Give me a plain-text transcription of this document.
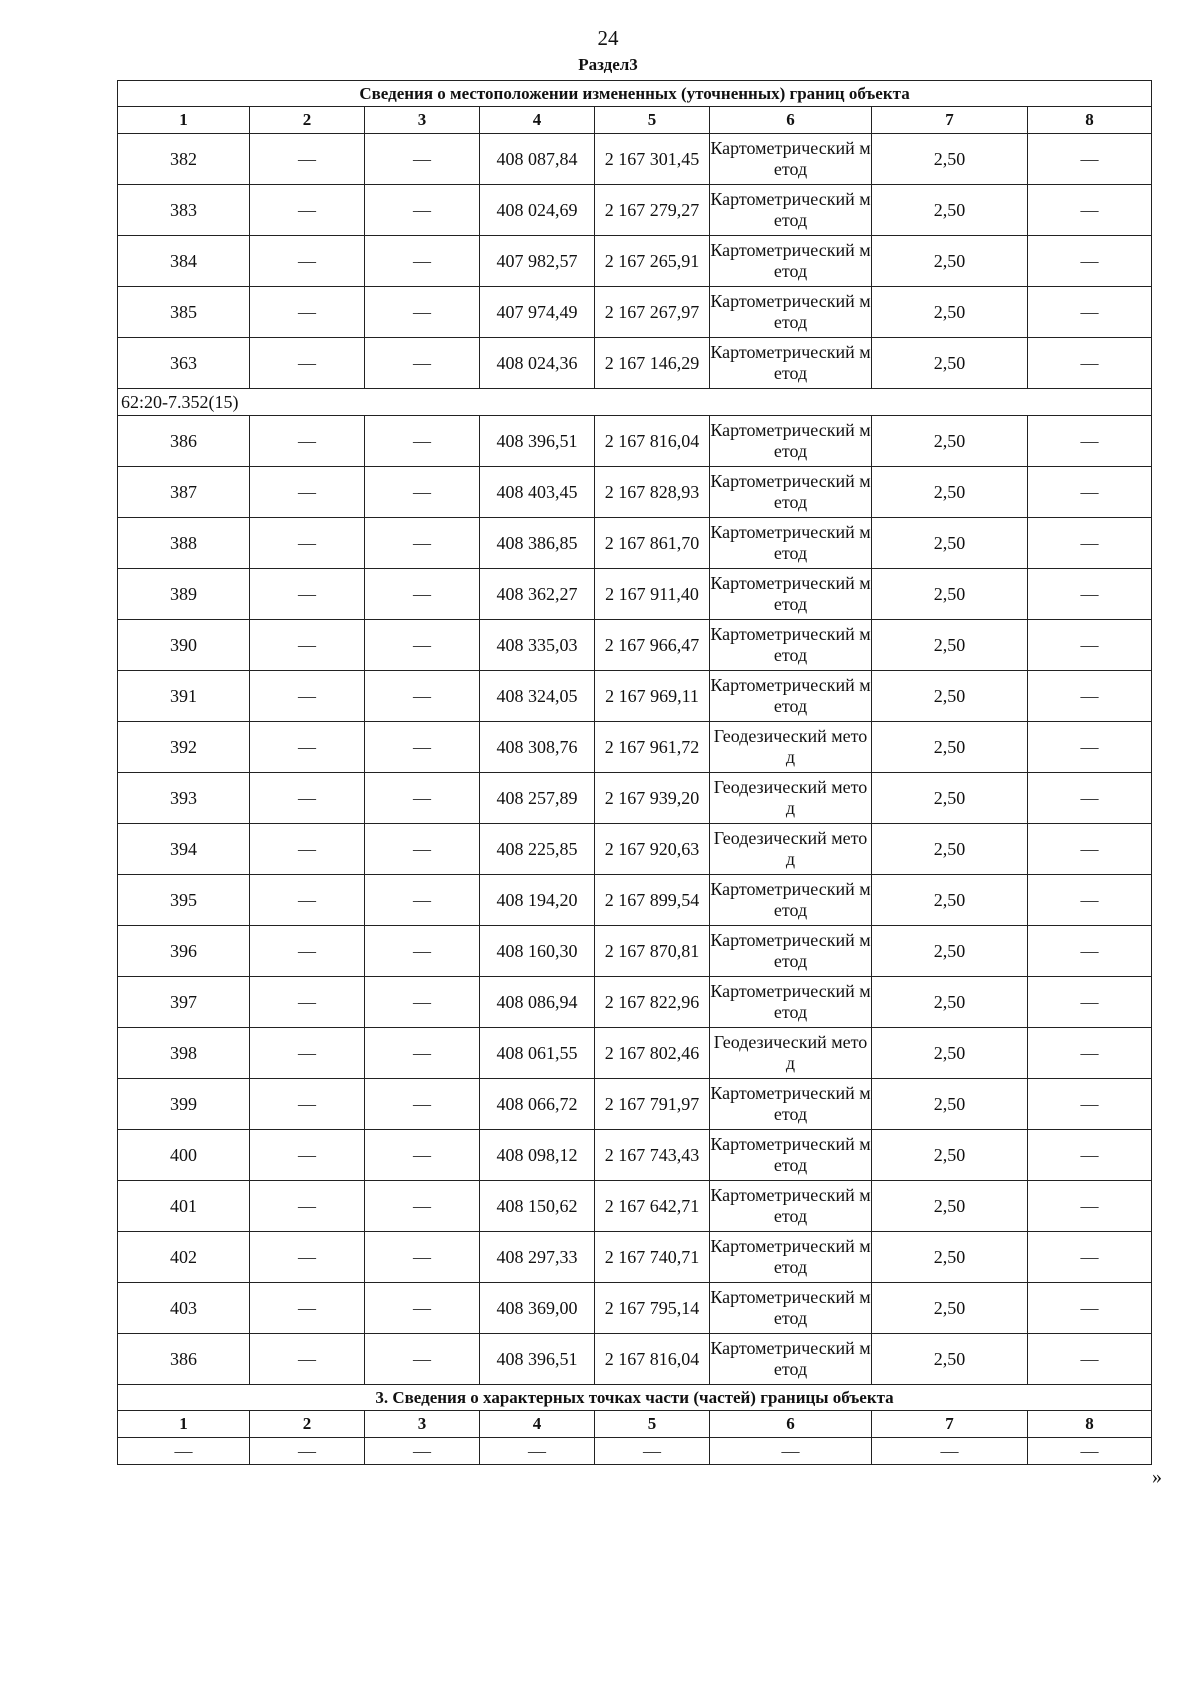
24
Раздел3
Сведения о местоположении измененных (уточненных) границ объекта							
1	2	3	4	5	6	7	8
382	—	—	408 087,84	2 167 301,45	Картометрический метод	2,50	—
383	—	—	408 024,69	2 167 279,27	Картометрический метод	2,50	—
384	—	—	407 982,57	2 167 265,91	Картометрический метод	2,50	—
385	—	—	407 974,49	2 167 267,97	Картометрический метод	2,50	—
363	—	—	408 024,36	2 167 146,29	Картометрический метод	2,50	—
62:20-7.352(15)							
386	—	—	408 396,51	2 167 816,04	Картометрический метод	2,50	—
387	—	—	408 403,45	2 167 828,93	Картометрический метод	2,50	—
388	—	—	408 386,85	2 167 861,70	Картометрический метод	2,50	—
389	—	—	408 362,27	2 167 911,40	Картометрический метод	2,50	—
390	—	—	408 335,03	2 167 966,47	Картометрический метод	2,50	—
391	—	—	408 324,05	2 167 969,11	Картометрический метод	2,50	—
392	—	—	408 308,76	2 167 961,72	Геодезический метод	2,50	—
393	—	—	408 257,89	2 167 939,20	Геодезический метод	2,50	—
394	—	—	408 225,85	2 167 920,63	Геодезический метод	2,50	—
395	—	—	408 194,20	2 167 899,54	Картометрический метод	2,50	—
396	—	—	408 160,30	2 167 870,81	Картометрический метод	2,50	—
397	—	—	408 086,94	2 167 822,96	Картометрический метод	2,50	—
398	—	—	408 061,55	2 167 802,46	Геодезический метод	2,50	—
399	—	—	408 066,72	2 167 791,97	Картометрический метод	2,50	—
400	—	—	408 098,12	2 167 743,43	Картометрический метод	2,50	—
401	—	—	408 150,62	2 167 642,71	Картометрический метод	2,50	—
402	—	—	408 297,33	2 167 740,71	Картометрический метод	2,50	—
403	—	—	408 369,00	2 167 795,14	Картометрический метод	2,50	—
386	—	—	408 396,51	2 167 816,04	Картометрический метод	2,50	—
3. Сведения о характерных точках части (частей) границы объекта							
1	2	3	4	5	6	7	8
—	—	—	—	—	—	—	—
»
